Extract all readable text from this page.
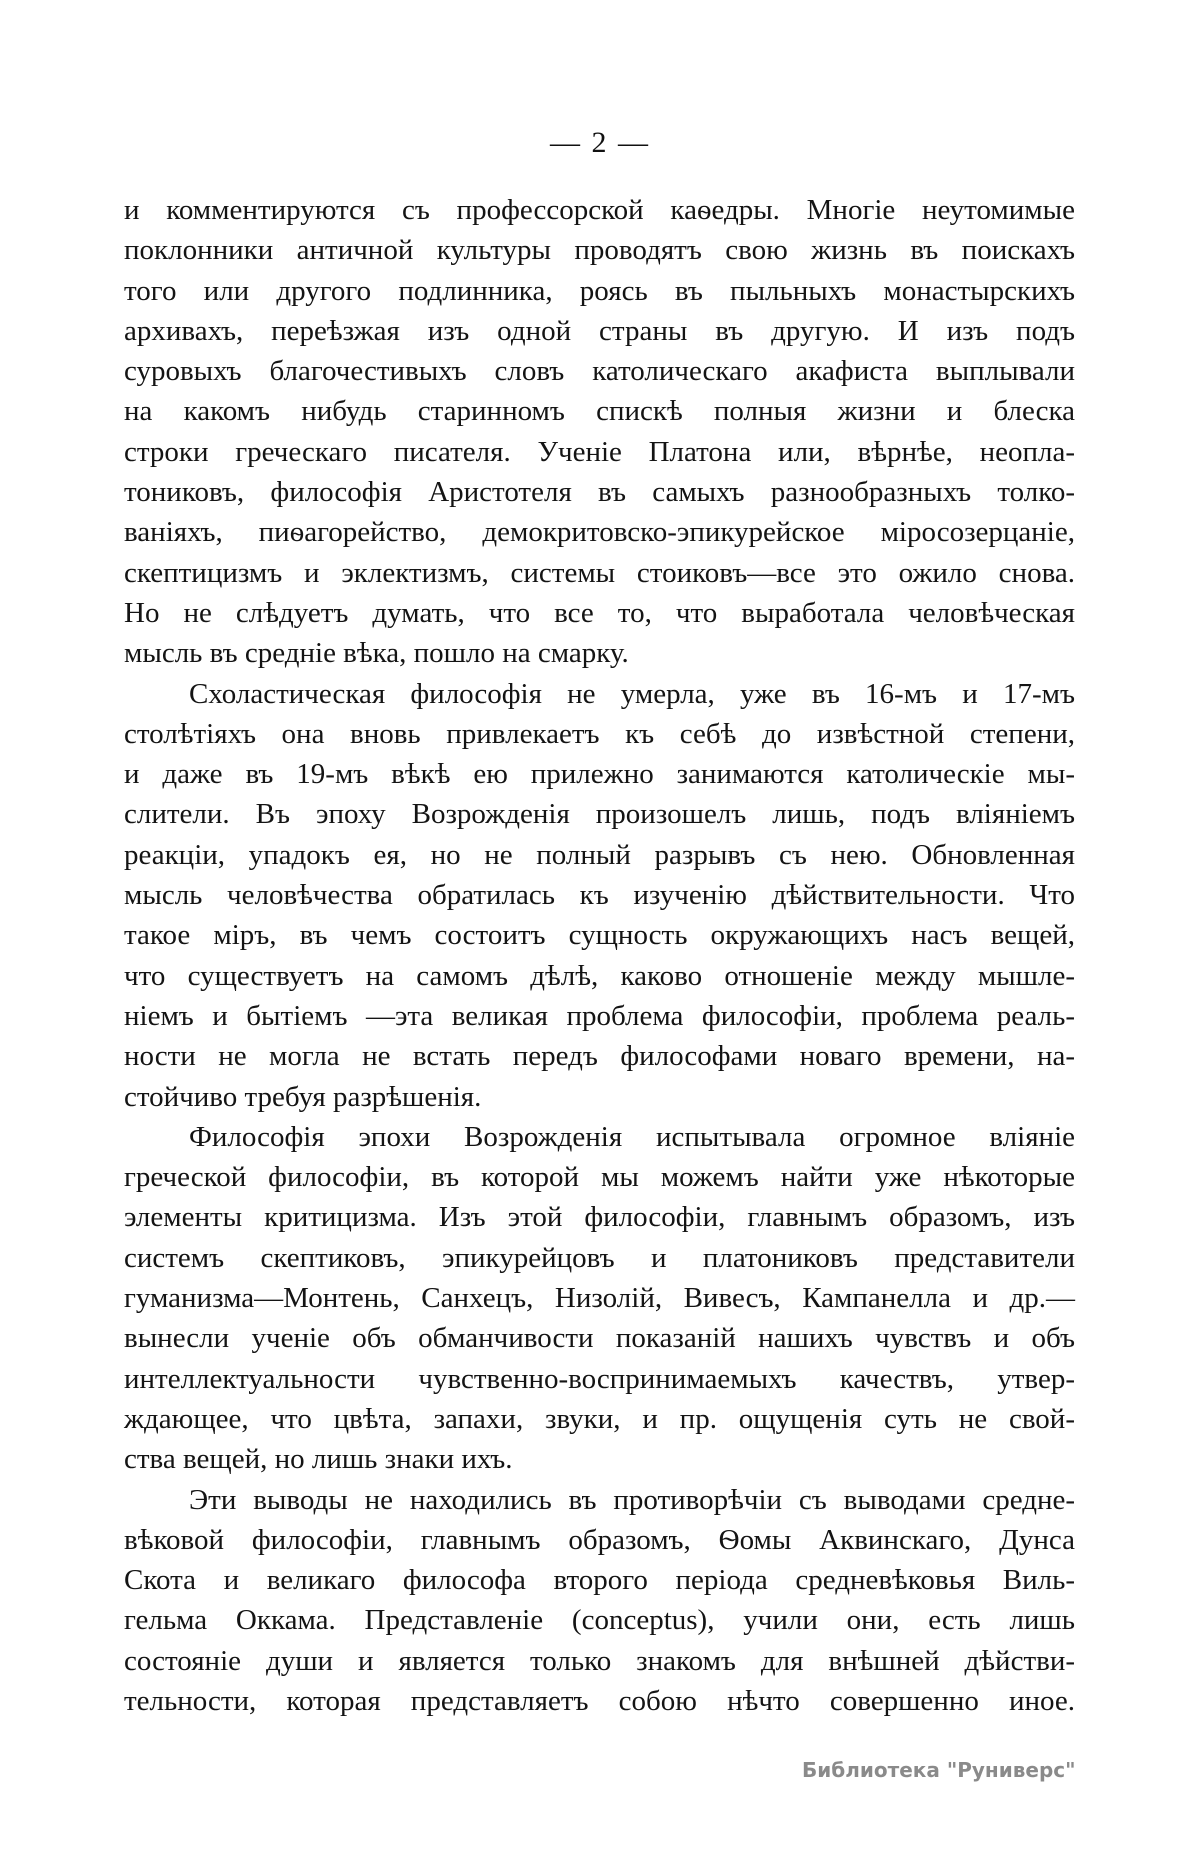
— 2 —
и комментируются съ профессорской каѳедры. Многіе неутомимые
поклонники античной культуры проводятъ свою жизнь въ поискахъ
того или другого подлинника, роясь въ пыльныхъ монастырскихъ
архивахъ, переѣзжая изъ одной страны въ другую. И изъ подъ
суровыхъ благочестивыхъ словъ католическаго акафиста выплывали
на какомъ нибудь старинномъ спискѣ полныя жизни и блеска
строки греческаго писателя. Ученіе Платона или, вѣрнѣе, неопла-
тониковъ, философія Аристотеля въ самыхъ разнообразныхъ толко-
ваніяхъ, пиѳагорейство, демокритовско-эпикурейское міросозерцаніе,
скептицизмъ и эклектизмъ, системы стоиковъ—все это ожило снова.
Но не слѣдуетъ думать, что все то, что выработала человѣческая
мысль въ средніе вѣка, пошло на смарку.
Схоластическая философія не умерла, уже въ 16-мъ и 17-мъ
столѣтіяхъ она вновь привлекаетъ къ себѣ до извѣстной степени,
и даже въ 19-мъ вѣкѣ ею прилежно занимаются католическіе мы-
слители. Въ эпоху Возрожденія произошелъ лишь, подъ вліяніемъ
реакціи, упадокъ ея, но не полный разрывъ съ нею. Обновленная
мысль человѣчества обратилась къ изученію дѣйствительности. Что
такое міръ, въ чемъ состоитъ сущность окружающихъ насъ вещей,
что существуетъ на самомъ дѣлѣ, каково отношеніе между мышле-
ніемъ и бытіемъ —эта великая проблема философіи, проблема реаль-
ности не могла не встать передъ философами новаго времени, на-
стойчиво требуя разрѣшенія.
Философія эпохи Возрожденія испытывала огромное вліяніе
греческой философіи, въ которой мы можемъ найти уже нѣкоторые
элементы критицизма. Изъ этой философіи, главнымъ образомъ, изъ
системъ скептиковъ, эпикурейцовъ и платониковъ представители
гуманизма—Монтень, Санхецъ, Низолій, Вивесъ, Кампанелла и др.—
вынесли ученіе объ обманчивости показаній нашихъ чувствъ и объ
интеллектуальности чувственно-воспринимаемыхъ качествъ, утвер-
ждающее, что цвѣта, запахи, звуки, и пр. ощущенія суть не свой-
ства вещей, но лишь знаки ихъ.
Эти выводы не находились въ противорѣчіи съ выводами средне-
вѣковой философіи, главнымъ образомъ, Ѳомы Аквинскаго, Дунса
Скота и великаго философа второго періода средневѣковья Виль-
гельма Оккама. Представленіе (conceptus), учили они, есть лишь
состояніе души и является только знакомъ для внѣшней дѣйстви-
тельности, которая представляетъ собою нѣчто совершенно иное.
Библиотека "Руниверс"
